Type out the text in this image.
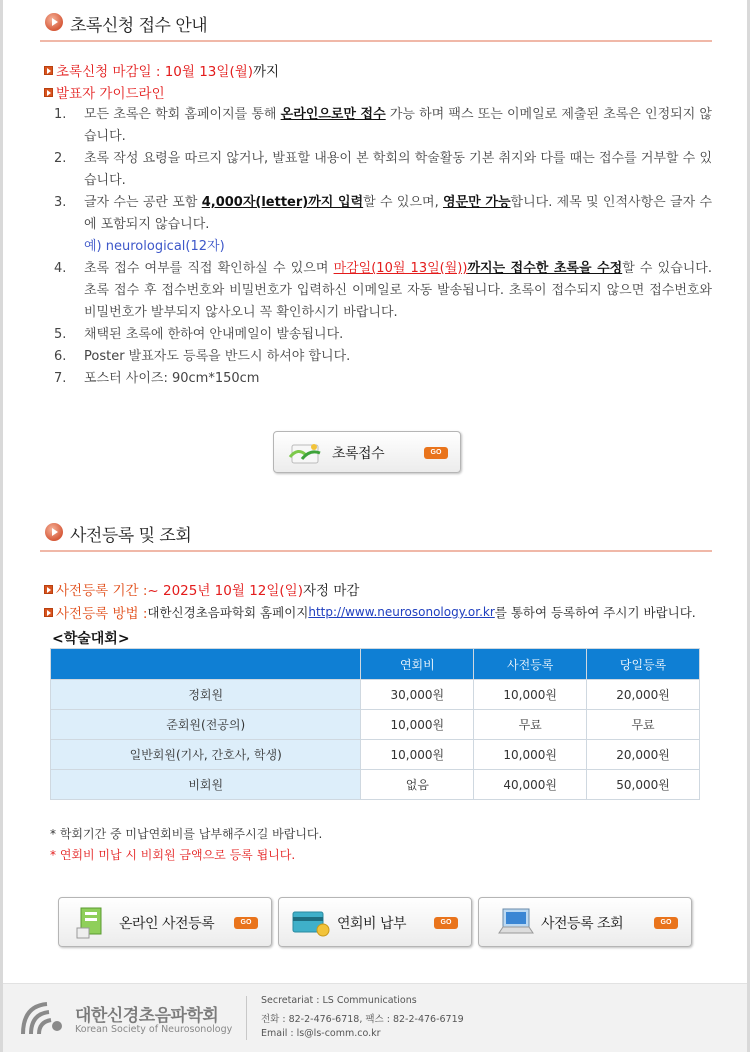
초록신청 접수 안내
초록신청 마감일 : 10월 13일(월) 까지
발표자 가이드라인
1.	모든 초록은 학회 홈페이지를 통해 온라인으로만 접수 가능 하며 팩스 또는 이메일로 제출된 초록은 인정되지 않습니다.
2.	초록 작성 요령을 따르지 않거나, 발표할 내용이 본 학회의 학술활동 기본 취지와 다를 때는 접수를 거부할 수 있습니다.
3.	글자 수는 공란 포함 4,000자(letter)까지 입력할 수 있으며, 영문만 가능합니다. 제목 및 인적사항은 글자 수에 포함되지 않습니다.
예) neurological(12자)
4.	초록 접수 여부를 직접 확인하실 수 있으며 마감일(10월 13일(월))까지는 접수한 초록을 수정할 수 있습니다. 초록 접수 후 접수번호와 비밀번호가 입력하신 이메일로 자동 발송됩니다. 초록이 접수되지 않으면 접수번호와 비밀번호가 발부되지 않사오니 꼭 확인하시기 바랍니다.
5.	채택된 초록에 한하여 안내메일이 발송됩니다.
6.	Poster 발표자도 등록을 반드시 하셔야 합니다.
7.	포스터 사이즈: 90cm*150cm
초록접수	GO
사전등록 및 조회
사전등록 기간 : ~ 2025년 10월 12일(일) 자정 마감
사전등록 방법 : 대한신경초음파학회 홈페이지 http://www.neurosonology.or.kr 를 통하여 등록하여 주시기 바랍니다.
<학술대회>
	연회비	사전등록	당일등록
정회원	30,000원	10,000원	20,000원
준회원(전공의)	10,000원	무료	무료
일반회원(기사, 간호사, 학생)	10,000원	10,000원	20,000원
비회원	없음	40,000원	50,000원
* 학회기간 중 미납연회비를 납부해주시길 바랍니다.
* 연회비 미납 시 비회원 금액으로 등록 됩니다.
온라인 사전등록	GO	연회비 납부	GO	사전등록 조회	GO
대한신경초음파학회
Korean Society of Neurosonology
Secretariat : LS Communications
전화 : 82-2-476-6718, 팩스 : 82-2-476-6719
Email : ls@ls-comm.co.kr
